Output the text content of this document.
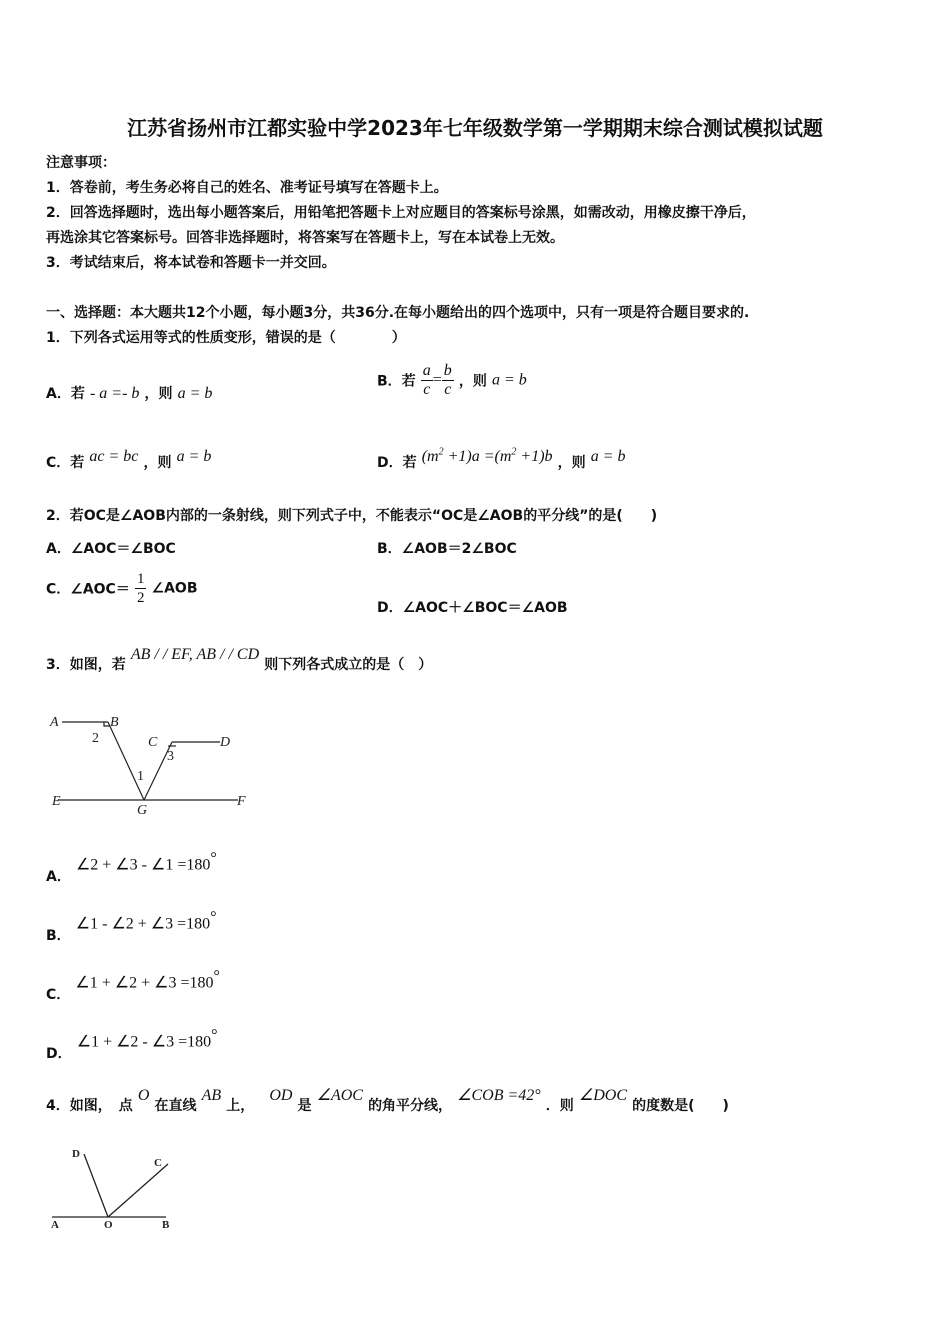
江苏省扬州市江都实验中学2023年七年级数学第一学期期末综合测试模拟试题
注意事项：
1．答卷前，考生务必将自己的姓名、准考证号填写在答题卡上。
2．回答选择题时，选出每小题答案后，用铅笔把答题卡上对应题目的答案标号涂黑，如需改动，用橡皮擦干净后，
再选涂其它答案标号。回答非选择题时，将答案写在答题卡上，写在本试卷上无效。
3．考试结束后，将本试卷和答题卡一并交回。
一、选择题：本大题共12个小题，每小题3分，共36分.在每小题给出的四个选项中，只有一项是符合题目要求的.
1．下列各式运用等式的性质变形，错误的是（　　　　）
A．若 - a =- b ，则 a = b
B．若 $\frac{a}{c} = \frac{b}{c}$ ，则 a = b
C．若 ac = bc ，则 a = b	D．若 $(m^2 +1)a =(m^2 +1)b$ ，则 a = b
2．若OC是∠AOB内部的一条射线，则下列式子中，不能表示“OC是∠AOB的平分线”的是(　　)
A．∠AOC＝∠BOC	B．∠AOB＝2∠BOC
C．∠AOC＝ $\frac{1}{2}$ ∠AOB
D．∠AOC＋∠BOC＝∠AOB
3．如图，若 AB / / EF, AB / / CD 则下列各式成立的是（　）
A	B
2	C
3
D
1
E
G
F
A． ∠2 + ∠3 - ∠1 =180°
B． ∠1 - ∠2 + ∠3 =180°
C． ∠1 + ∠2 + ∠3 =180°
D． ∠1 + ∠2 - ∠3 =180°
4．如图，　点 O 在直线 AB 上， OD 是 ∠AOC 的角平分线， ∠COB =42° ．则 ∠DOC 的度数是(　　)
A	O	B
C
D
